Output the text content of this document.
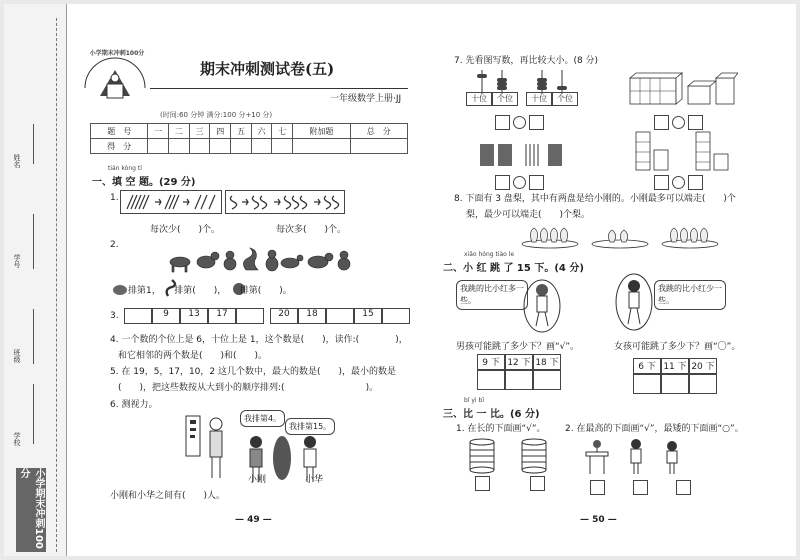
姓名
学号
班级
学校
小学期末冲刺100分
小学期末冲刺100分
期末冲刺测试卷(五)
一年级数学上册·JJ
(时间:60 分钟 满分:100 分+10 分)
题　号	一	二	三	四	五	六	七	附加题	总　分
得　分									
tián kòng tí
一、填 空 题。(29 分)
1.
每次少(　　)个。	每次多(　　)个。
2.
排第1，　　排第(　　)，　　排第(　　)。
3.	9	13	17	20	18	15
4. 一个数的个位上是 6，十位上是 1，这个数是(　　)，读作:(　　　　)，
和它相邻的两个数是(　　)和(　　)。
5. 在 19，5，17，10，2 这几个数中，最大的数是(　　)，最小的数是
(　　)，把这些数按从大到小的顺序排列:(　　　　　　　　　)。
6. 测视力。
我排第4。
我排第15。
小刚	小华
小刚和小华之间有(　　)人。
— 49 —
7. 先看图写数，再比较大小。(8 分)
十位	个位	十位	个位

8. 下面有 3 盘梨，其中有两盘是给小刚的。小刚最多可以端走(　　)个
梨，最少可以端走(　　)个梨。
xiǎo hóng tiào le
二、小 红 跳 了 15 下。(4 分)
我跳的比小红多一些。
我跳的比小红少一些。
男孩可能跳了多少下？画“√”。	女孩可能跳了多少下？画“〇”。
9 下 12 下 18 下	6 下 11 下 20 下
bǐ yì bǐ
三、比 一 比。(6 分)
1. 在长的下面画“√”。 2. 在最高的下面画“√”，最矮的下面画“○”。

— 50 —
